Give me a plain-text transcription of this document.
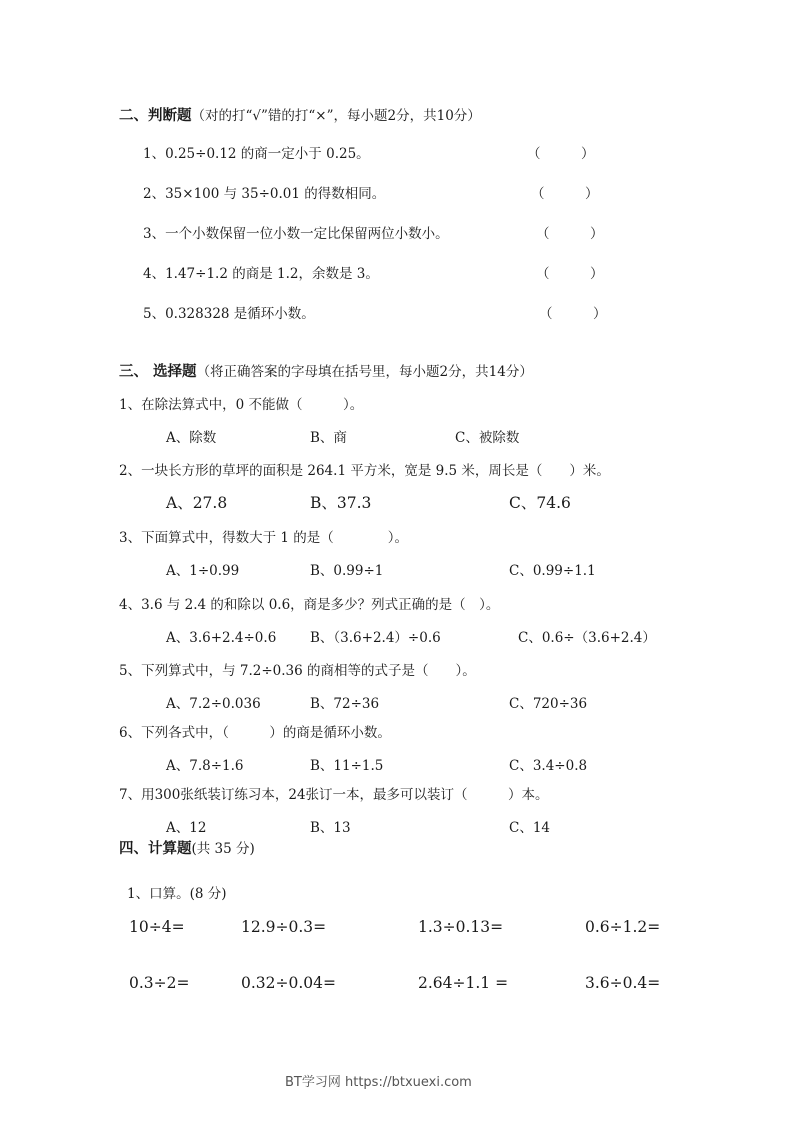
二、判断题（对的打“√”错的打“×”，每小题2分，共10分）
1、0.25÷0.12 的商一定小于 0.25。	（　　　）
2、35×100 与 35÷0.01 的得数相同。	（　　　）
3、一个小数保留一位小数一定比保留两位小数小。	（　　　）
4、1.47÷1.2 的商是 1.2，余数是 3。	（　　　）
5、0.328328 是循环小数。	（　　　）
三、 选择题（将正确答案的字母填在括号里，每小题2分，共14分）
1、在除法算式中，0 不能做（　　　）。
A、除数	B、商	C、被除数
2、一块长方形的草坪的面积是 264.1 平方米，宽是 9.5 米，周长是（　　）米。
A、27.8	B、37.3	C、74.6
3、下面算式中，得数大于 1 的是（　　　　）。
A、1÷0.99	B、0.99÷1	C、0.99÷1.1
4、3.6 与 2.4 的和除以 0.6，商是多少？列式正确的是（　）。
A、3.6+2.4÷0.6 B、（3.6+2.4）÷0.6	C、0.6÷（3.6+2.4）
5、下列算式中，与 7.2÷0.36 的商相等的式子是（　　）。
A、7.2÷0.036	B、72÷36	C、720÷36
6、下列各式中，（　　　）的商是循环小数。
A、7.8÷1.6	B、11÷1.5	C、3.4÷0.8
7、用300张纸装订练习本，24张订一本，最多可以装订（　　　）本。
A、12	B、13	C、14
四、计算题(共 35 分)
1、口算。(8 分)
10÷4=	12.9÷0.3=	1.3÷0.13=	0.6÷1.2=
0.3÷2=	0.32÷0.04=	2.64÷1.1 =	3.6÷0.4=
BT学习网 https://btxuexi.com
